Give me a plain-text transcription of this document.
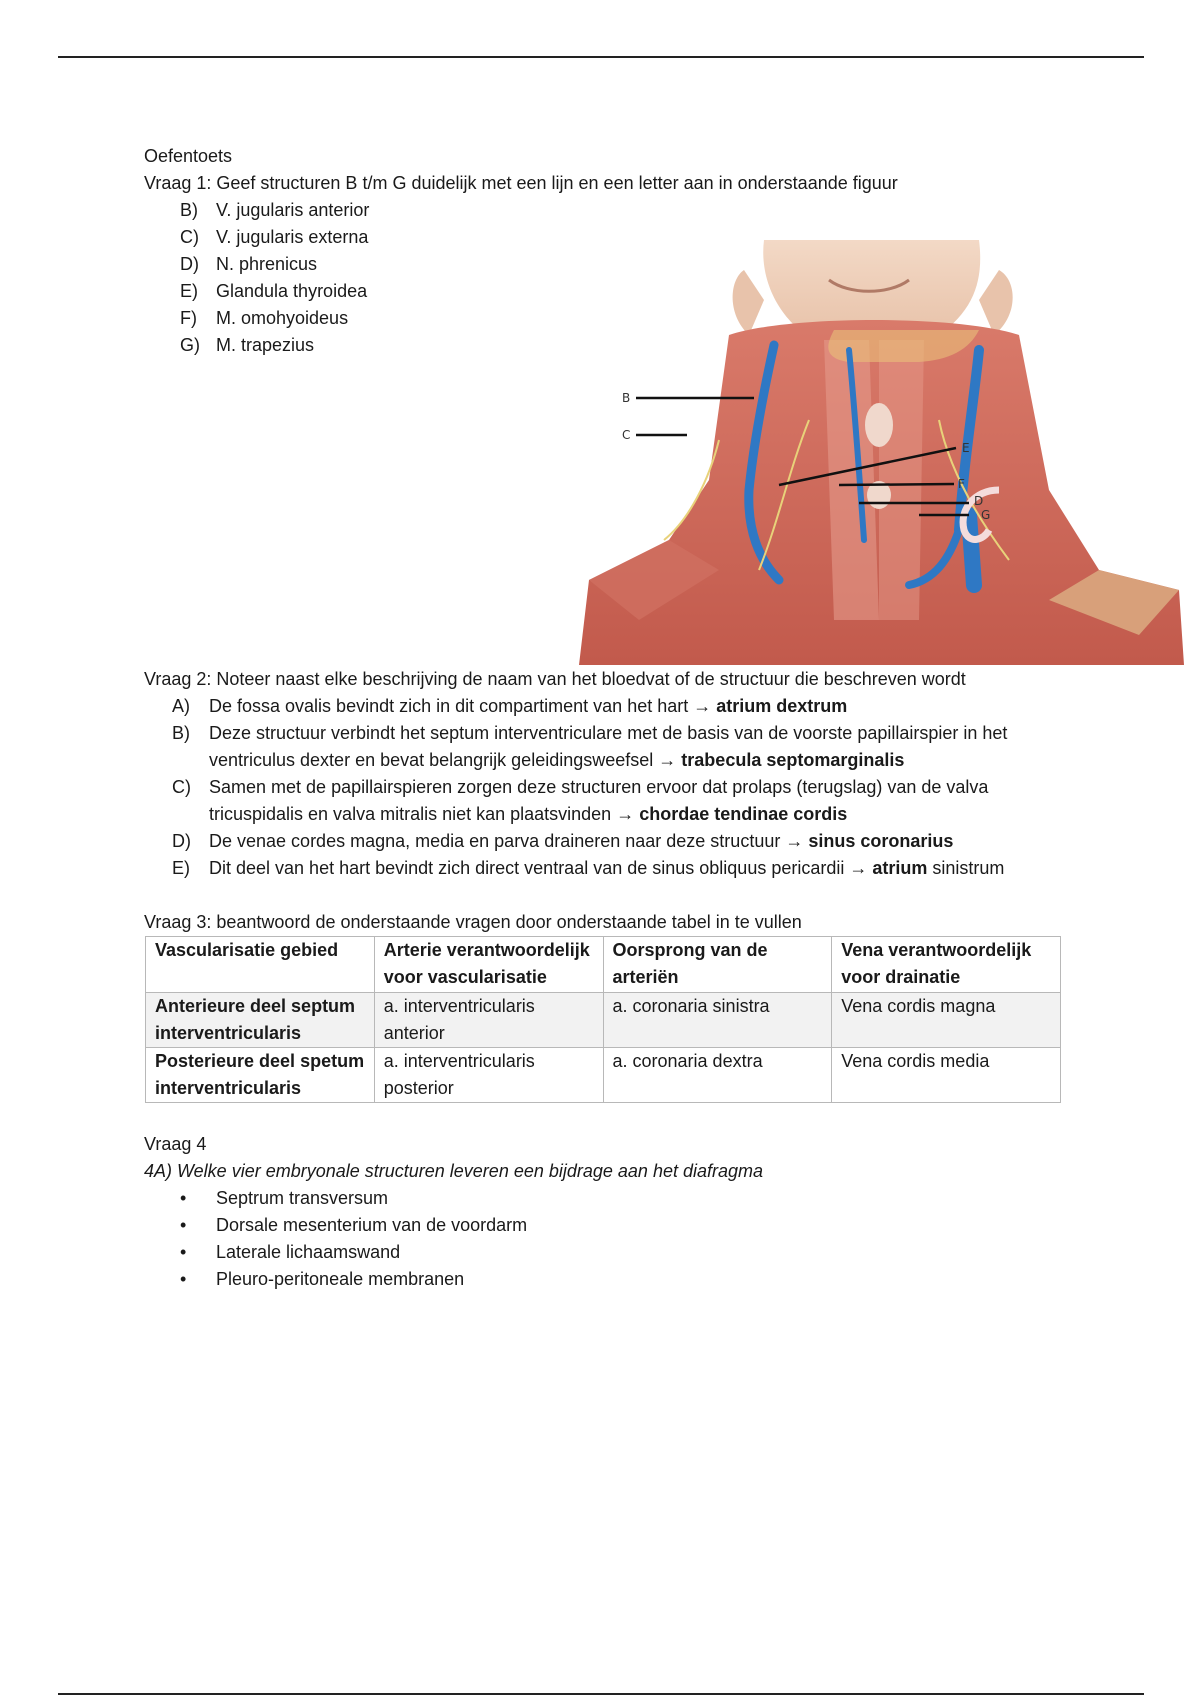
Oefentoets

Vraag 1: Geef structuren B t/m G duidelijk met een lijn en een letter aan in onderstaande figuur

B)	V. jugularis anterior
C) V. jugularis externa
D) N. phrenicus
E)	Glandula thyroidea
F)	M. omohyoideus
G) M. trapezius
B
C
E
F
D
G

Vraag 2: Noteer naast elke beschrijving de naam van het bloedvat of de structuur die beschreven wordt

A)	De fossa ovalis bevindt zich in dit compartiment van het hart → atrium dextrum
B)	Deze structuur verbindt het septum interventriculare met de basis van de voorste papillairspier in het ventriculus dexter en bevat belangrijk geleidingsweefsel → trabecula septomarginalis
C)	Samen met de papillairspieren zorgen deze structuren ervoor dat prolaps (terugslag) van de valva tricuspidalis en valva mitralis niet kan plaatsvinden → chordae tendinae cordis
D)	De venae cordes magna, media en parva draineren naar deze structuur → sinus coronarius
E)	Dit deel van het hart bevindt zich direct ventraal van de sinus obliquus pericardii → atrium sinistrum

Vraag 3: beantwoord de onderstaande vragen door onderstaande tabel in te vullen

Vascularisatie gebied	Arterie verantwoordelijk voor vascularisatie	Oorsprong van de arteriën	Vena verantwoordelijk voor drainatie
Anterieure deel septum interventricularis	a. interventricularis anterior	a. coronaria sinistra	Vena cordis magna
Posterieure deel spetum interventricularis	a. interventricularis posterior	a. coronaria dextra	Vena cordis media

Vraag 4

4A) Welke vier embryonale structuren leveren een bijdrage aan het diafragma

•	Septrum transversum
•	Dorsale mesenterium van de voordarm
•	Laterale lichaamswand
•	Pleuro-peritoneale membranen
